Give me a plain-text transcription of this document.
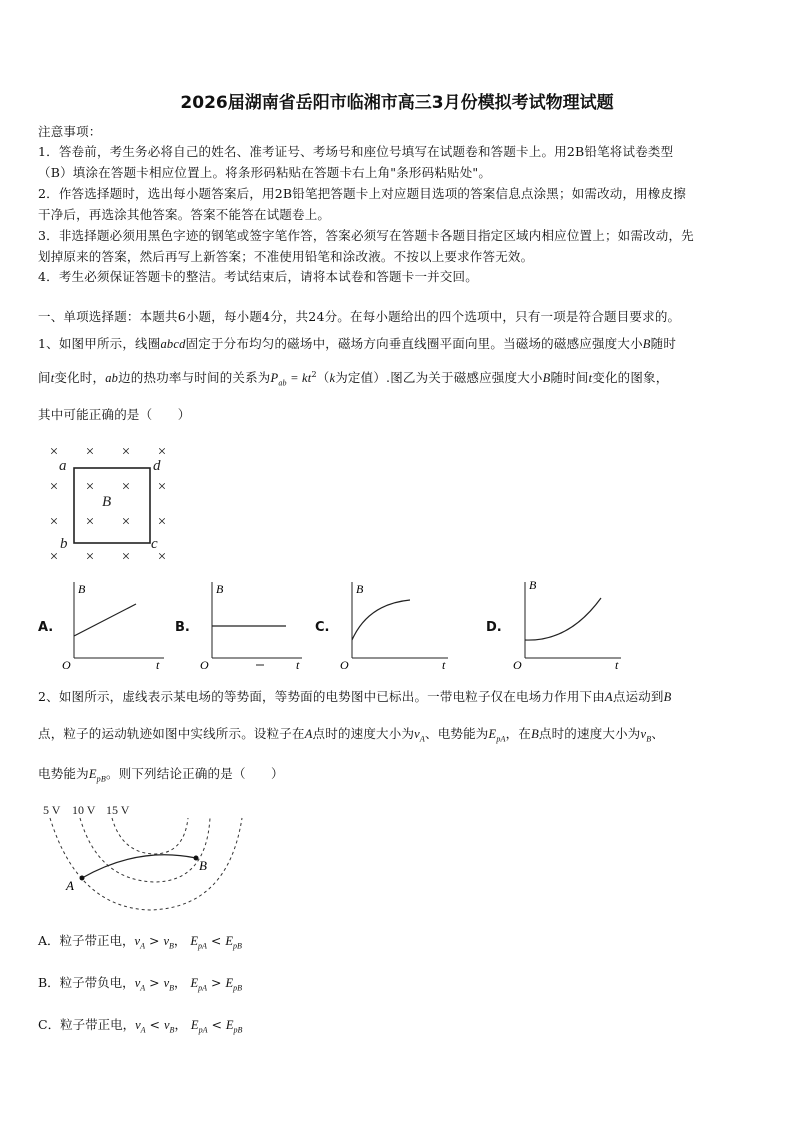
2026届湖南省岳阳市临湘市高三3月份模拟考试物理试题
注意事项：
1．答卷前，考生务必将自己的姓名、准考证号、考场号和座位号填写在试题卷和答题卡上。用2B铅笔将试卷类型
（B）填涂在答题卡相应位置上。将条形码粘贴在答题卡右上角"条形码粘贴处"。
2．作答选择题时，选出每小题答案后，用2B铅笔把答题卡上对应题目选项的答案信息点涂黑；如需改动，用橡皮擦
干净后，再选涂其他答案。答案不能答在试题卷上。
3．非选择题必须用黑色字迹的钢笔或签字笔作答，答案必须写在答题卡各题目指定区域内相应位置上；如需改动，先
划掉原来的答案，然后再写上新答案；不准使用铅笔和涂改液。不按以上要求作答无效。
4．考生必须保证答题卡的整洁。考试结束后，请将本试卷和答题卡一并交回。
一、单项选择题：本题共6小题，每小题4分，共24分。在每小题给出的四个选项中，只有一项是符合题目要求的。
1、如图甲所示，线圈abcd固定于分布均匀的磁场中，磁场方向垂直线圈平面向里。当磁场的磁感应强度大小B随时
间t变化时，ab边的热功率与时间的关系为$P_{ab} = kt^2(k$为定值）.图乙为关于磁感应强度大小B随时间t变化的图象，
其中可能正确的是（　　）
× × × ×
× × × ×
× × × ×
× × × ×
a	d
b	c
B
A.
B
t
O
B.
B
t
O
C.
B
t
O
D.
B
t
O
2、如图所示，虚线表示某电场的等势面，等势面的电势图中已标出。一带电粒子仅在电场力作用下由A点运动到B
点，粒子的运动轨迹如图中实线所示。设粒子在A点时的速度大小为$v_A$、电势能为$E_{pA}$，在B点时的速度大小为$v_B$、
电势能为$E_{pB}$。则下列结论正确的是（　　）
5 V 10 V 15 V
A
B
A．粒子带正电，$v_A > v_B$， $E_{pA} < E_{pB}$
B．粒子带负电，$v_A > v_B$， $E_{pA} > E_{pB}$
C．粒子带正电，$v_A < v_B$， $E_{pA} < E_{pB}$
